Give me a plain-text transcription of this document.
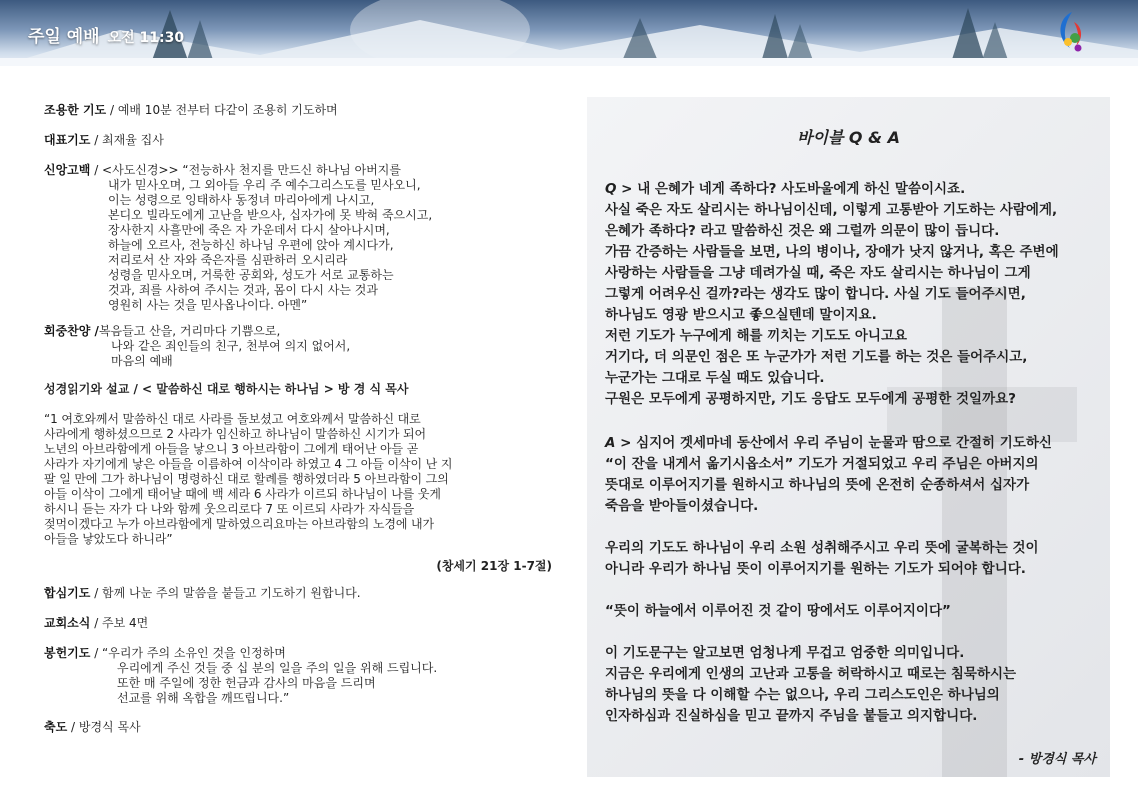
주일 예배 오전 11:30
조용한 기도 / 예배 10분 전부터 다같이 조용히 기도하며
대표기도 / 최재율 집사
신앙고백 / <사도신경>> “전능하사 천지를 만드신 하나님 아버지를
내가 믿사오며, 그 외아들 우리 주 예수그리스도를 믿사오니,
이는 성령으로 잉태하사 동정녀 마리아에게 나시고,
본디오 빌라도에게 고난을 받으사, 십자가에 못 박혀 죽으시고,
장사한지 사흘만에 죽은 자 가운데서 다시 살아나시며,
하늘에 오르사, 전능하신 하나님 우편에 앉아 계시다가,
저리로서 산 자와 죽은자를 심판하러 오시리라
성령을 믿사오며, 거룩한 공회와, 성도가 서로 교통하는
것과, 죄를 사하여 주시는 것과, 몸이 다시 사는 것과
영원히 사는 것을 믿사옵나이다. 아멘”
회중찬양 /복음들고 산을, 거리마다 기쁨으로,
나와 같은 죄인들의 친구, 천부여 의지 없어서,
마음의 예배
성경읽기와 설교 / < 말씀하신 대로 행하시는 하나님 > 방 경 식 목사
“1 여호와께서 말씀하신 대로 사라를 돌보셨고 여호와께서 말씀하신 대로
사라에게 행하셨으므로 2 사라가 임신하고 하나님이 말씀하신 시기가 되어
노년의 아브라함에게 아들을 낳으니 3 아브라함이 그에게 태어난 아들 곧
사라가 자기에게 낳은 아들을 이름하여 이삭이라 하였고 4 그 아들 이삭이 난 지
팔 일 만에 그가 하나님이 명령하신 대로 할례를 행하였더라 5 아브라함이 그의
아들 이삭이 그에게 태어날 때에 백 세라 6 사라가 이르되 하나님이 나를 웃게
하시니 듣는 자가 다 나와 함께 웃으리로다 7 또 이르되 사라가 자식들을
젖먹이겠다고 누가 아브라함에게 말하였으리요마는 아브라함의 노경에 내가
아들을 낳았도다 하니라”
(창세기 21장 1-7절)
합심기도 / 함께 나눈 주의 말씀을 붙들고 기도하기 원합니다.
교회소식 / 주보 4면
봉헌기도 / “우리가 주의 소유인 것을 인정하며
우리에게 주신 것들 중 십 분의 일을 주의 일을 위해 드립니다.
또한 매 주일에 정한 헌금과 감사의 마음을 드리며
선교를 위해 옥합을 깨뜨립니다.”
축도 / 방경식 목사
바이블 Q & A
Q > 내 은혜가 네게 족하다? 사도바울에게 하신 말씀이시죠.
사실 죽은 자도 살리시는 하나님이신데, 이렇게 고통받아 기도하는 사람에게,
은혜가 족하다? 라고 말씀하신 것은 왜 그럴까 의문이 많이 듭니다.
가끔 간증하는 사람들을 보면, 나의 병이나, 장애가 낫지 않거나, 혹은 주변에
사랑하는 사람들을 그냥 데려가실 때, 죽은 자도 살리시는 하나님이 그게
그렇게 어려우신 걸까?라는 생각도 많이 합니다. 사실 기도 들어주시면,
하나님도 영광 받으시고 좋으실텐데 말이지요.
저런 기도가 누구에게 해를 끼치는 기도도 아니고요
거기다, 더 의문인 점은 또 누군가가 저런 기도를 하는 것은 들어주시고,
누군가는 그대로 두실 때도 있습니다.
구원은 모두에게 공평하지만, 기도 응답도 모두에게 공평한 것일까요?
A > 심지어 겟세마네 동산에서 우리 주님이 눈물과 땀으로 간절히 기도하신
“이 잔을 내게서 옮기시옵소서” 기도가 거절되었고 우리 주님은 아버지의
뜻대로 이루어지기를 원하시고 하나님의 뜻에 온전히 순종하셔서 십자가
죽음을 받아들이셨습니다.
우리의 기도도 하나님이 우리 소원 성취해주시고 우리 뜻에 굴복하는 것이
아니라 우리가 하나님 뜻이 이루어지기를 원하는 기도가 되어야 합니다.
“뜻이 하늘에서 이루어진 것 같이 땅에서도 이루어지이다”
이 기도문구는 알고보면 엄청나게 무겁고 엄중한 의미입니다.
지금은 우리에게 인생의 고난과 고통을 허락하시고 때로는 침묵하시는
하나님의 뜻을 다 이해할 수는 없으나, 우리 그리스도인은 하나님의
인자하심과 진실하심을 믿고 끝까지 주님을 붙들고 의지합니다.
- 방경식 목사
